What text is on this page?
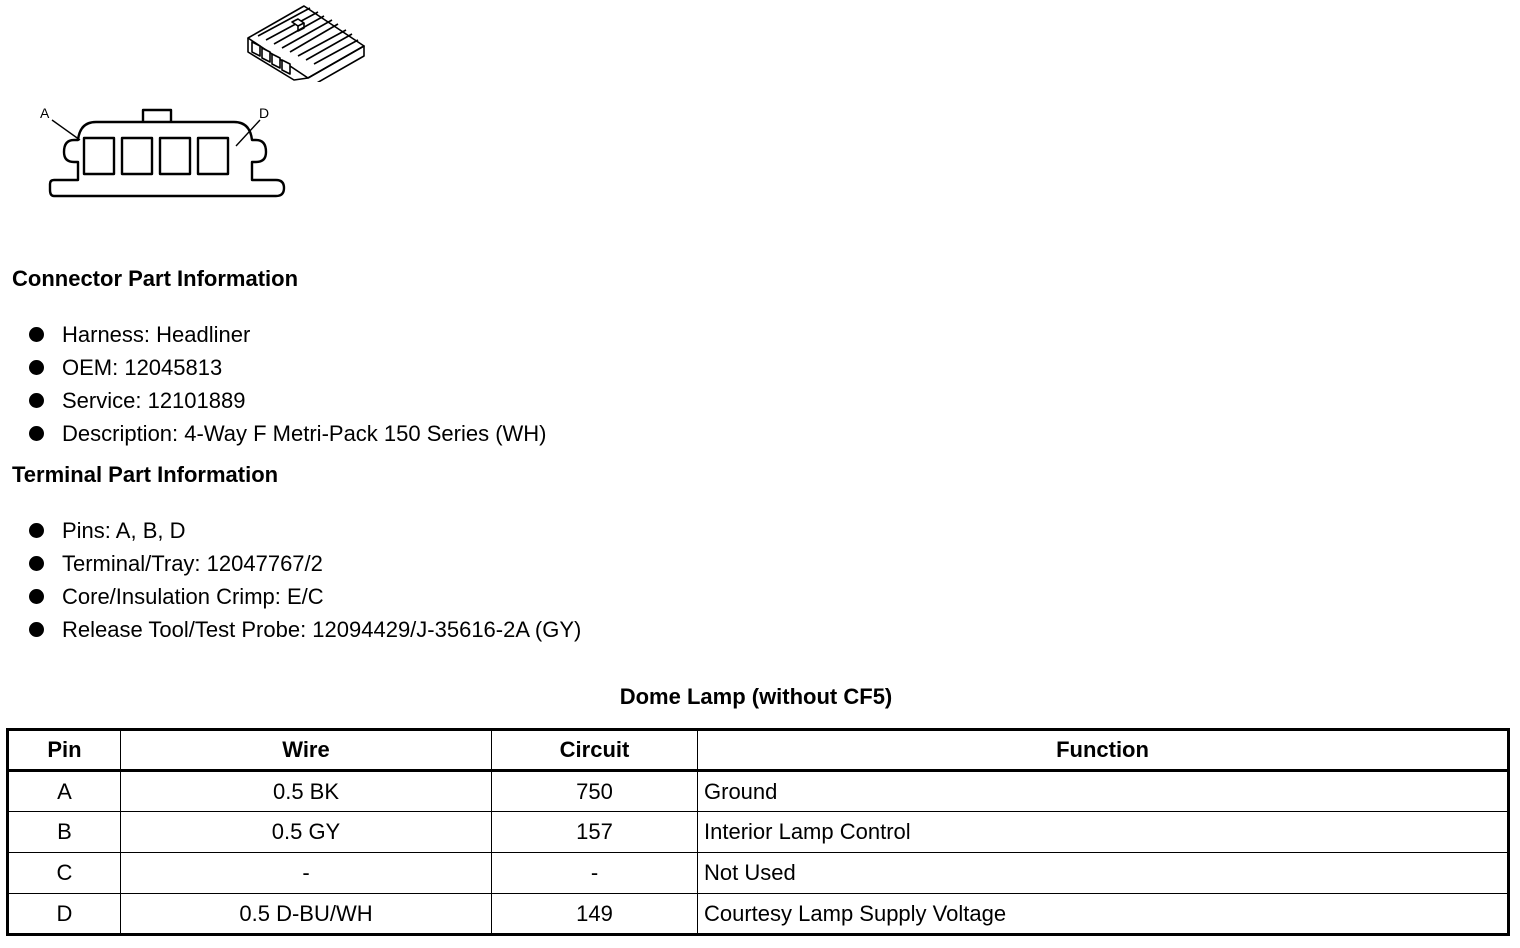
A	D
Connector Part Information
Harness: Headliner
OEM: 12045813
Service: 12101889
Description: 4-Way F Metri-Pack 150 Series (WH)
Terminal Part Information
Pins: A, B, D
Terminal/Tray: 12047767/2
Core/Insulation Crimp: E/C
Release Tool/Test Probe: 12094429/J-35616-2A (GY)
Dome Lamp (without CF5)
Pin	Wire	Circuit	Function
A	0.5 BK	750	Ground
B	0.5 GY	157	Interior Lamp Control
C	-	-	Not Used
D	0.5 D-BU/WH	149	Courtesy Lamp Supply Voltage
